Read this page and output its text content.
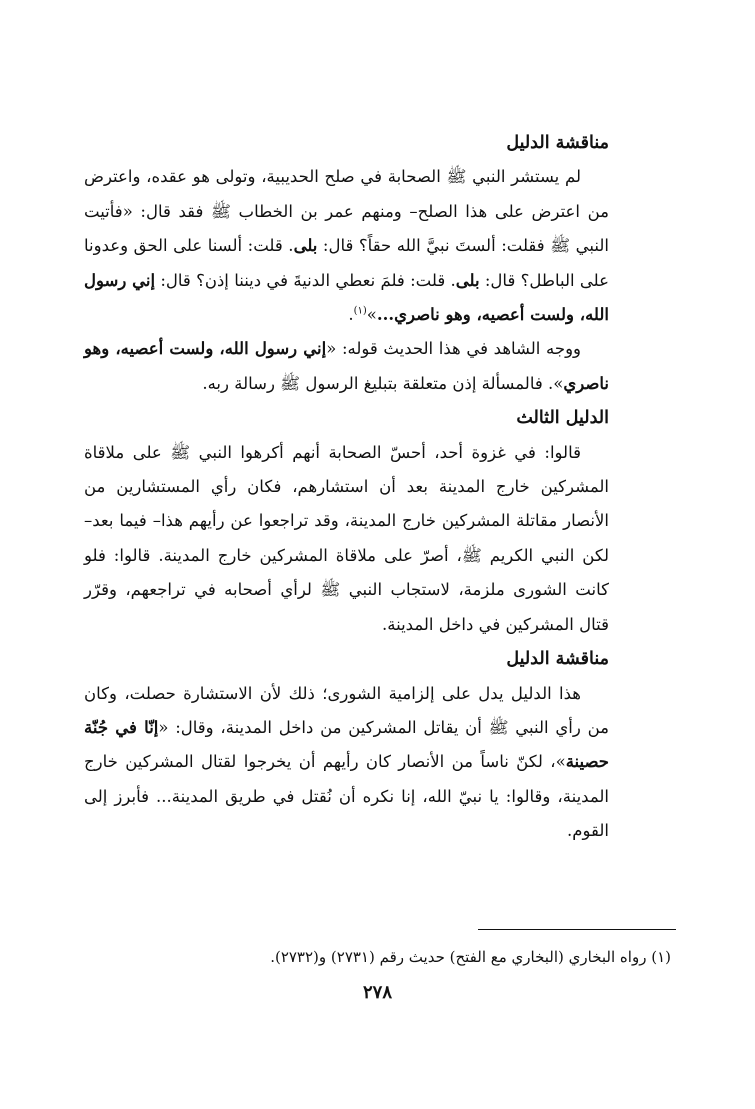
مناقشة الدليل

لم يستشر النبي ﷺ الصحابة في صلح الحديبية، وتولى هو عقده، واعترض من اعترض على هذا الصلح– ومنهم عمر بن الخطاب ﷺ فقد قال: «فأتيت النبي ﷺ فقلت: ألستَ نبيَّ الله حقاً؟ قال: بلى. قلت: ألسنا على الحق وعدونا على الباطل؟ قال: بلى. قلت: فلمَ نعطي الدنيةَ في ديننا إذن؟ قال: إني رسول الله، ولست أعصيه، وهو ناصري...»$^{(١)}$.

ووجه الشاهد في هذا الحديث قوله: «إني رسول الله، ولست أعصيه، وهو ناصري». فالمسألة إذن متعلقة بتبليغ الرسول ﷺ رسالة ربه.

الدليل الثالث

قالوا: في غزوة أحد، أحسّ الصحابة أنهم أكرهوا النبي ﷺ على ملاقاة المشركين خارج المدينة بعد أن استشارهم، فكان رأي المستشارين من الأنصار مقاتلة المشركين خارج المدينة، وقد تراجعوا عن رأيهم هذا– فيما بعد– لكن النبي الكريم ﷺ، أصرّ على ملاقاة المشركين خارج المدينة. قالوا: فلو كانت الشورى ملزمة، لاستجاب النبي ﷺ لرأي أصحابه في تراجعهم، وقرّر قتال المشركين في داخل المدينة.

مناقشة الدليل

هذا الدليل يدل على إلزامية الشورى؛ ذلك لأن الاستشارة حصلت، وكان من رأي النبي ﷺ أن يقاتل المشركين من داخل المدينة، وقال: «إنّا في جُنّة حصينة»، لكنّ ناساً من الأنصار كان رأيهم أن يخرجوا لقتال المشركين خارج المدينة، وقالوا: يا نبيّ الله، إنا نكره أن نُقتل في طريق المدينة... فأبرز إلى القوم.

(١) رواه البخاري (البخاري مع الفتح) حديث رقم (٢٧٣١) و(٢٧٣٢).
٢٧٨
